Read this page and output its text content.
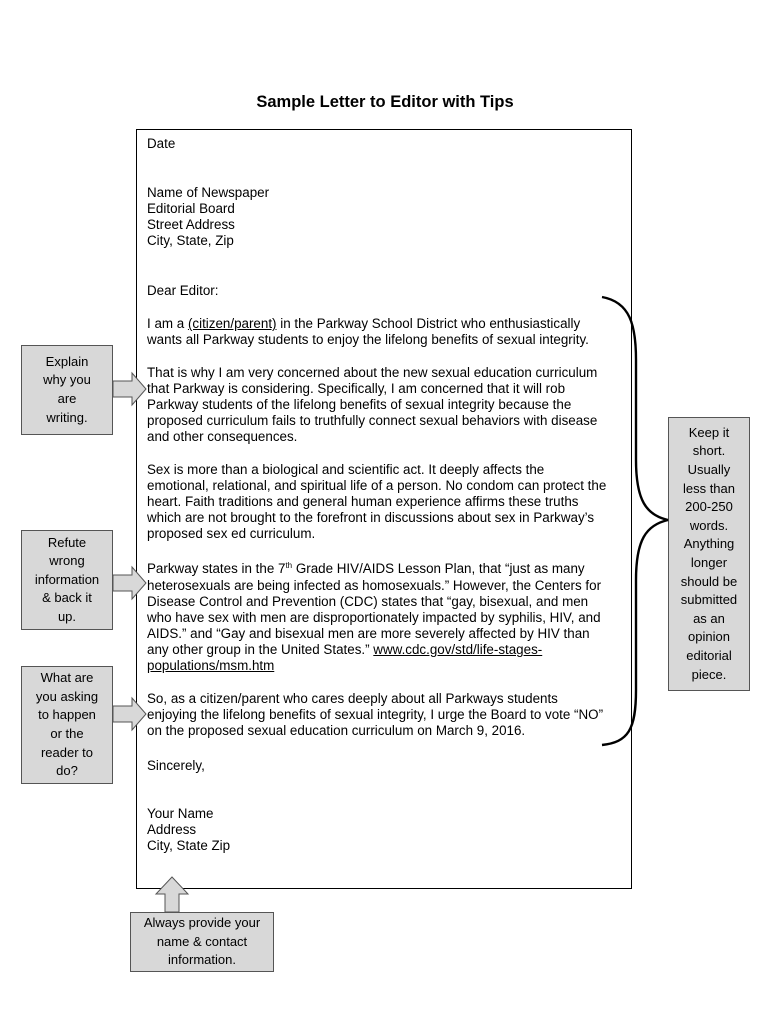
Sample Letter to Editor with Tips
Date
Name of Newspaper
Editorial Board
Street Address
City, State, Zip
Dear Editor:
I am a (citizen/parent) in the Parkway School District who enthusiastically
wants all Parkway students to enjoy the lifelong benefits of sexual integrity.
That is why I am very concerned about the new sexual education curriculum
that Parkway is considering. Specifically, I am concerned that it will rob
Parkway students of the lifelong benefits of sexual integrity because the
proposed curriculum fails to truthfully connect sexual behaviors with disease
and other consequences.
Sex is more than a biological and scientific act. It deeply affects the
emotional, relational, and spiritual life of a person. No condom can protect the
heart. Faith traditions and general human experience affirms these truths
which are not brought to the forefront in discussions about sex in Parkway’s
proposed sex ed curriculum.
Parkway states in the 7th Grade HIV/AIDS Lesson Plan, that “just as many
heterosexuals are being infected as homosexuals.” However, the Centers for
Disease Control and Prevention (CDC) states that “gay, bisexual, and men
who have sex with men are disproportionately impacted by syphilis, HIV, and
AIDS.” and “Gay and bisexual men are more severely affected by HIV than
any other group in the United States.” www.cdc.gov/std/life-stages-
populations/msm.htm
So, as a citizen/parent who cares deeply about all Parkways students
enjoying the lifelong benefits of sexual integrity, I urge the Board to vote “NO”
on the proposed sexual education curriculum on March 9, 2016.
Sincerely,
Your Name
Address
City, State Zip
Explain
why you
are
writing.
Refute
wrong
information
& back it
up.
What are
you asking
to happen
or the
reader to
do?
Keep it
short.
Usually
less than
200-250
words.
Anything
longer
should be
submitted
as an
opinion
editorial
piece.
Always provide your
name & contact
information.
